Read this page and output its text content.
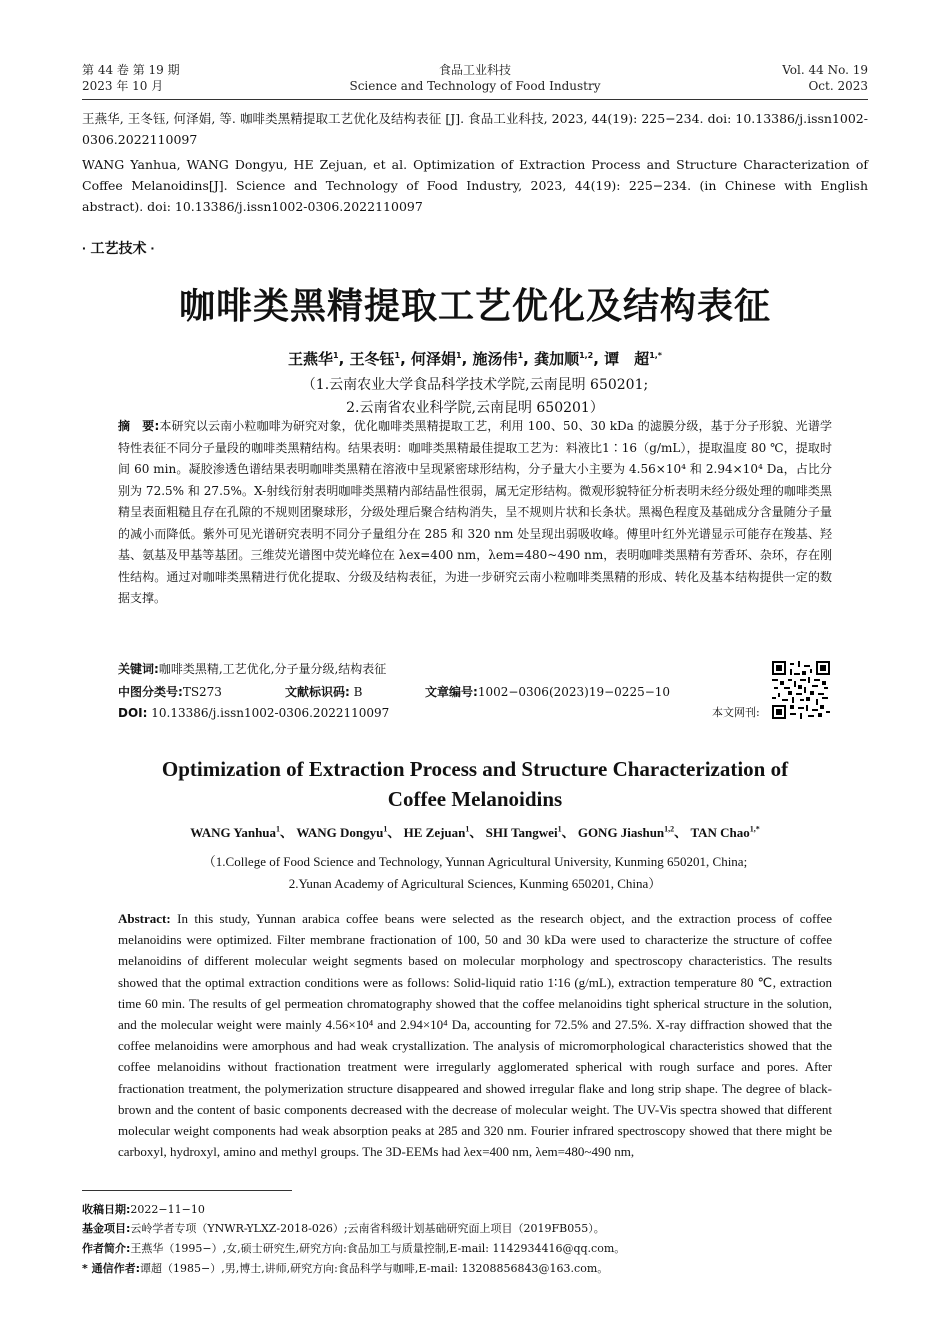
第 44 卷 第 19 期
2023 年 10 月
食品工业科技
Science and Technology of Food Industry
Vol. 44 No. 19
Oct. 2023
王燕华, 王冬钰, 何泽娟, 等. 咖啡类黑精提取工艺优化及结构表征 [J]. 食品工业科技, 2023, 44(19): 225−234. doi: 10.13386/j.issn1002-0306.2022110097
WANG Yanhua, WANG Dongyu, HE Zejuan, et al. Optimization of Extraction Process and Structure Characterization of Coffee Melanoidins[J]. Science and Technology of Food Industry, 2023, 44(19): 225−234. (in Chinese with English abstract). doi: 10.13386/j.issn1002-0306.2022110097
· 工艺技术 ·
咖啡类黑精提取工艺优化及结构表征
王燕华$^1$, 王冬钰$^1$, 何泽娟$^1$, 施汤伟$^1$, 龚加顺$^{1,2}$, 谭　超$^{1,*}$
（1.云南农业大学食品科学技术学院,云南昆明 650201;
2.云南省农业科学院,云南昆明 650201）
摘　要:本研究以云南小粒咖啡为研究对象，优化咖啡类黑精提取工艺，利用 100、50、30 kDa 的滤膜分级，基于分子形貌、光谱学特性表征不同分子量段的咖啡类黑精结构。结果表明：咖啡类黑精最佳提取工艺为：料液比1∶16（g/mL），提取温度 80 ℃，提取时间 60 min。凝胶渗透色谱结果表明咖啡类黑精在溶液中呈现紧密球形结构，分子量大小主要为 4.56×10⁴ 和 2.94×10⁴ Da，占比分别为 72.5% 和 27.5%。X-射线衍射表明咖啡类黑精内部结晶性很弱，属无定形结构。微观形貌特征分析表明未经分级处理的咖啡类黑精呈表面粗糙且存在孔隙的不规则团聚球形，分级处理后聚合结构消失，呈不规则片状和长条状。黑褐色程度及基础成分含量随分子量的减小而降低。紫外可见光谱研究表明不同分子量组分在 285 和 320 nm 处呈现出弱吸收峰。傅里叶红外光谱显示可能存在羧基、羟基、氨基及甲基等基团。三维荧光谱图中荧光峰位在 λex=400 nm，λem=480~490 nm，表明咖啡类黑精有芳香环、杂环，存在刚性结构。通过对咖啡类黑精进行优化提取、分级及结构表征，为进一步研究云南小粒咖啡类黑精的形成、转化及基本结构提供一定的数据支撑。
关键词:咖啡类黑精,工艺优化,分子量分级,结构表征
中图分类号:TS273	文献标识码: B	文章编号:1002−0306(2023)19−0225−10
DOI: 10.13386/j.issn1002-0306.2022110097	本文网刊:
Optimization of Extraction Process and Structure Characterization of
Coffee Melanoidins
WANG Yanhua$^1$、 WANG Dongyu$^1$、 HE Zejuan$^1$、 SHI Tangwei$^1$、 GONG Jiashun$^{1,2}$、 TAN Chao$^{1,*}$
（1.College of Food Science and Technology, Yunnan Agricultural University, Kunming 650201, China;
2.Yunan Academy of Agricultural Sciences, Kunming 650201, China）
Abstract: In this study, Yunnan arabica coffee beans were selected as the research object, and the extraction process of coffee melanoidins were optimized. Filter membrane fractionation of 100, 50 and 30 kDa were used to characterize the structure of coffee melanoidins of different molecular weight segments based on molecular morphology and spectroscopy characteristics. The results showed that the optimal extraction conditions were as follows: Solid-liquid ratio 1∶16 (g/mL), extraction temperature 80 ℃, extraction time 60 min. The results of gel permeation chromatography showed that the coffee melanoidins tight spherical structure in the solution, and the molecular weight were mainly 4.56×10⁴ and 2.94×10⁴ Da, accounting for 72.5% and 27.5%. X-ray diffraction showed that the coffee melanoidins were amorphous and had weak crystallization. The analysis of micromorphological characteristics showed that the coffee melanoidins without fractionation treatment were irregularly agglomerated spherical with rough surface and pores. After fractionation treatment, the polymerization structure disappeared and showed irregular flake and long strip shape. The degree of black-brown and the content of basic components decreased with the decrease of molecular weight. The UV-Vis spectra showed that different molecular weight components had weak absorption peaks at 285 and 320 nm. Fourier infrared spectroscopy showed that there might be carboxyl, hydroxyl, amino and methyl groups. The 3D-EEMs had λex=400 nm, λem=480~490 nm,
收稿日期:2022−11−10
基金项目:云岭学者专项（YNWR-YLXZ-2018-026）;云南省科级计划基础研究面上项目（2019FB055）。
作者简介:王燕华（1995−）,女,硕士研究生,研究方向:食品加工与质量控制,E-mail: 1142934416@qq.com。
* 通信作者:谭超（1985−）,男,博士,讲师,研究方向:食品科学与咖啡,E-mail: 13208856843@163.com。
